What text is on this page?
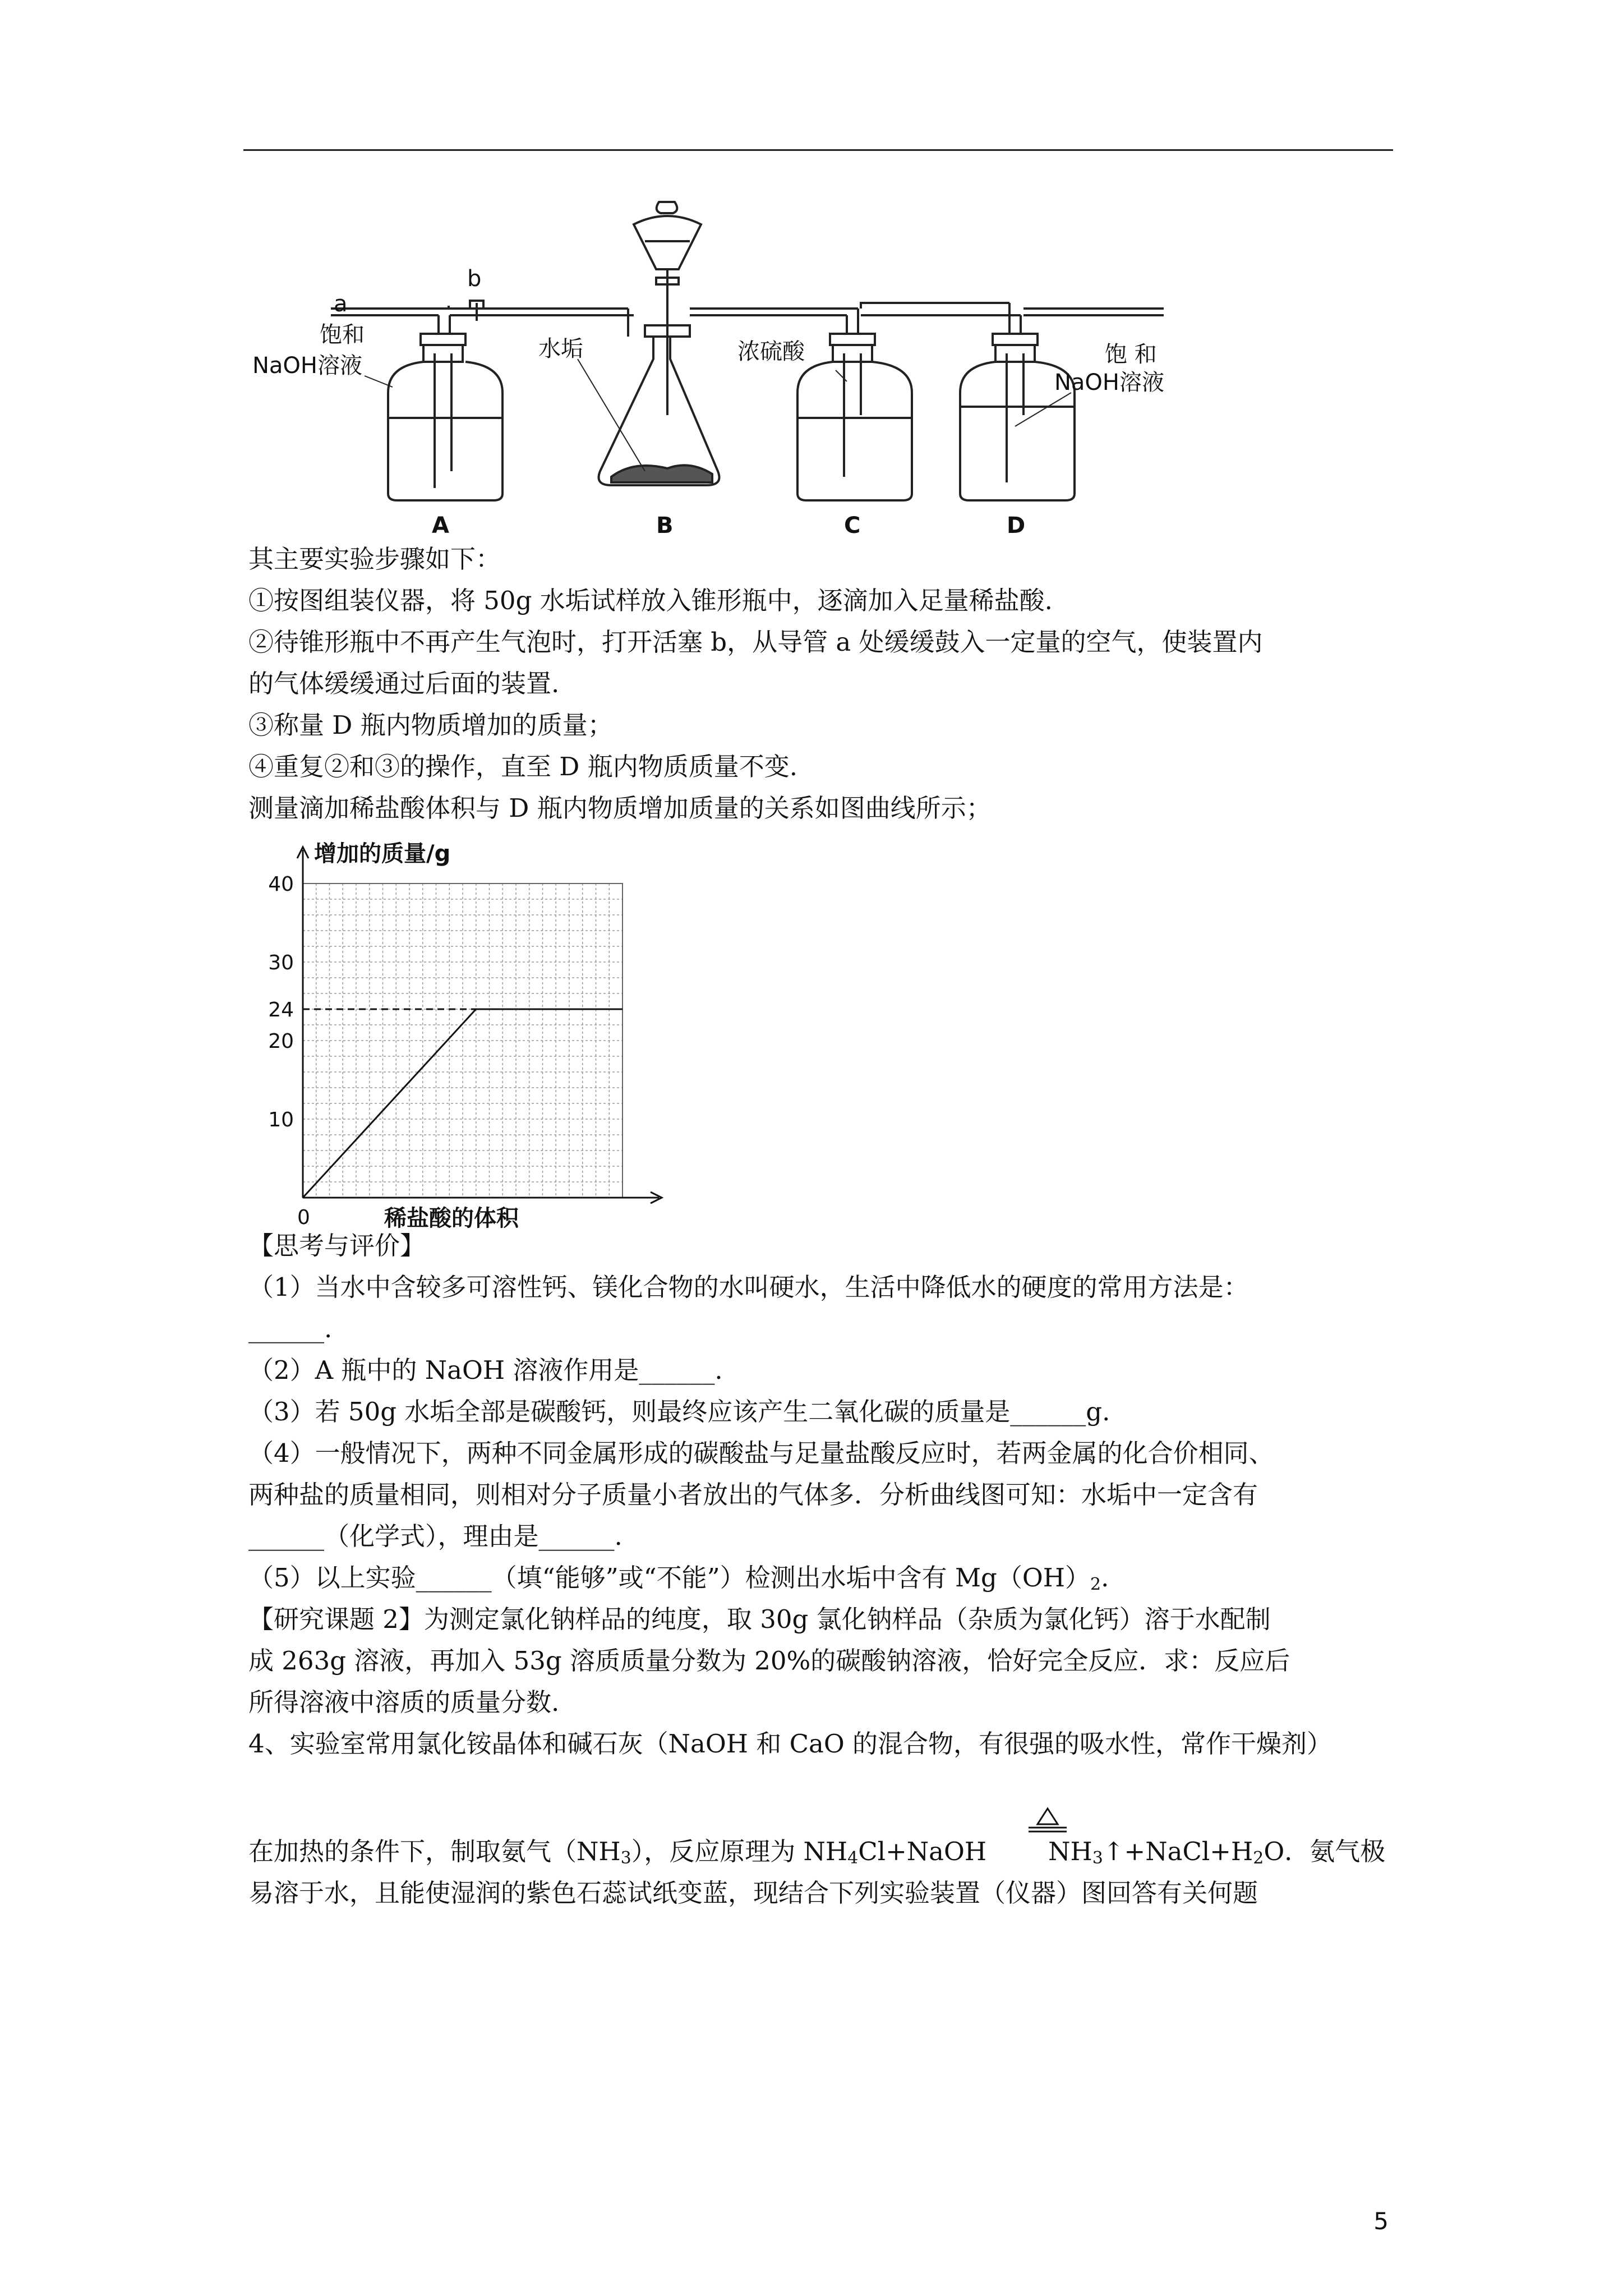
a
b
饱和
NaOH溶液
水垢	浓硫酸	饱 和
NaOH溶液
A	B	C	D
其主要实验步骤如下：
①按图组装仪器，将 50g 水垢试样放入锥形瓶中，逐滴加入足量稀盐酸.
②待锥形瓶中不再产生气泡时，打开活塞 b，从导管 a 处缓缓鼓入一定量的空气，使装置内
的气体缓缓通过后面的装置.
③称量 D 瓶内物质增加的质量；
④重复②和③的操作，直至 D 瓶内物质质量不变.
测量滴加稀盐酸体积与 D 瓶内物质增加质量的关系如图曲线所示；
10
20
24
30
40
增加的质量/g
稀盐酸的体积
0
【思考与评价】
（1）当水中含较多可溶性钙、镁化合物的水叫硬水，生活中降低水的硬度的常用方法是：
______.
（2）A 瓶中的 NaOH 溶液作用是______.
（3）若 50g 水垢全部是碳酸钙，则最终应该产生二氧化碳的质量是______g.
（4）一般情况下，两种不同金属形成的碳酸盐与足量盐酸反应时，若两金属的化合价相同、
两种盐的质量相同，则相对分子质量小者放出的气体多．分析曲线图可知：水垢中一定含有
______（化学式），理由是______.
（5）以上实验______（填“能够”或“不能”）检测出水垢中含有 $Mg(OH)_2$.
【研究课题 2】为测定氯化钠样品的纯度，取 30g 氯化钠样品（杂质为氯化钙）溶于水配制
成 263g 溶液，再加入 53g 溶质质量分数为 20%的碳酸钠溶液，恰好完全反应．求：反应后
所得溶液中溶质的质量分数.
4、实验室常用氯化铵晶体和碱石灰（NaOH 和 CaO 的混合物，有很强的吸水性，常作干燥剂）
在加热的条件下，制取氨气$(NH_3)$，反应原理为 $NH_4Cl+NaOH$ $NH_3↑+NaCl+H_2O$．氨气极
易溶于水，且能使湿润的紫色石蕊试纸变蓝，现结合下列实验装置（仪器）图回答有关何题
5
